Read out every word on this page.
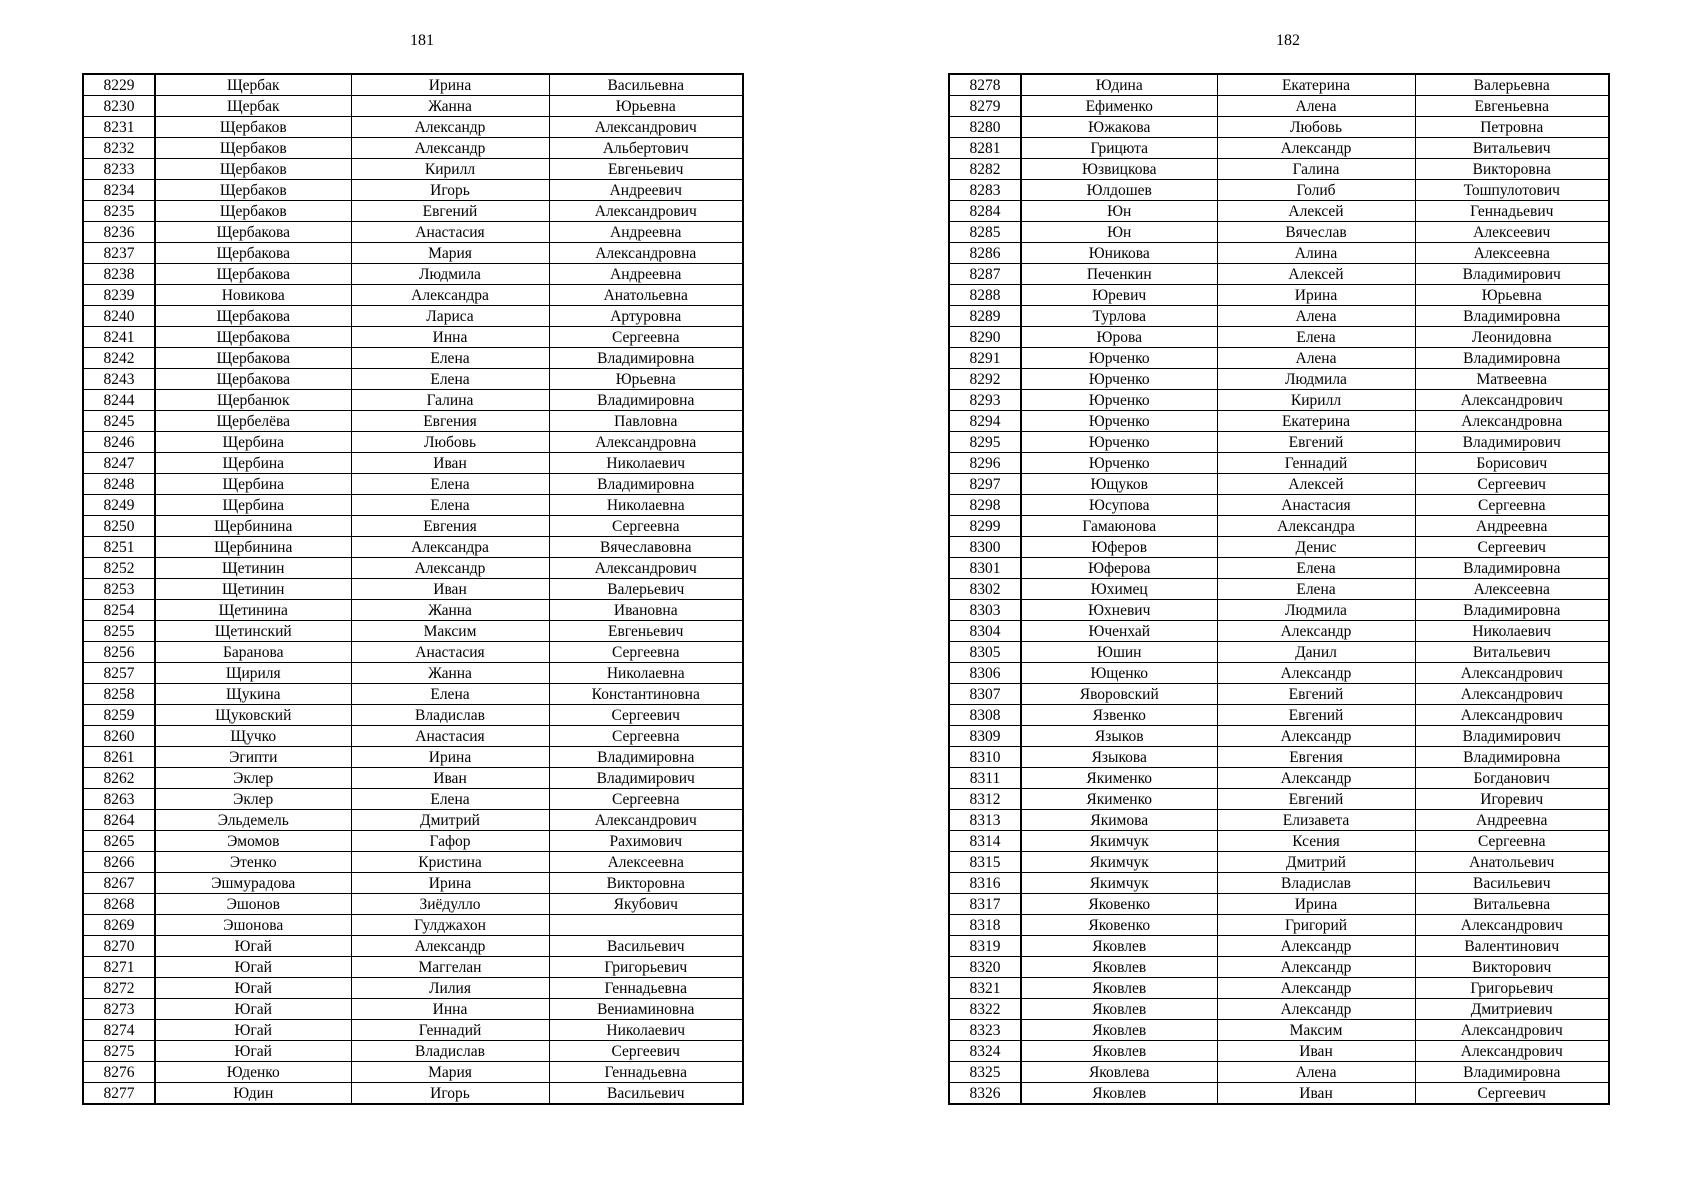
181
8229	Щербак	Ирина	Васильевна
8230	Щербак	Жанна	Юрьевна
8231	Щербаков	Александр	Александрович
8232	Щербаков	Александр	Альбертович
8233	Щербаков	Кирилл	Евгеньевич
8234	Щербаков	Игорь	Андреевич
8235	Щербаков	Евгений	Александрович
8236	Щербакова	Анастасия	Андреевна
8237	Щербакова	Мария	Александровна
8238	Щербакова	Людмила	Андреевна
8239	Новикова	Александра	Анатольевна
8240	Щербакова	Лариса	Артуровна
8241	Щербакова	Инна	Сергеевна
8242	Щербакова	Елена	Владимировна
8243	Щербакова	Елена	Юрьевна
8244	Щербанюк	Галина	Владимировна
8245	Щербелёва	Евгения	Павловна
8246	Щербина	Любовь	Александровна
8247	Щербина	Иван	Николаевич
8248	Щербина	Елена	Владимировна
8249	Щербина	Елена	Николаевна
8250	Щербинина	Евгения	Сергеевна
8251	Щербинина	Александра	Вячеславовна
8252	Щетинин	Александр	Александрович
8253	Щетинин	Иван	Валерьевич
8254	Щетинина	Жанна	Ивановна
8255	Щетинский	Максим	Евгеньевич
8256	Баранова	Анастасия	Сергеевна
8257	Щириля	Жанна	Николаевна
8258	Щукина	Елена	Константиновна
8259	Щуковский	Владислав	Сергеевич
8260	Щучко	Анастасия	Сергеевна
8261	Эгипти	Ирина	Владимировна
8262	Эклер	Иван	Владимирович
8263	Эклер	Елена	Сергеевна
8264	Эльдемель	Дмитрий	Александрович
8265	Эмомов	Гафор	Рахимович
8266	Этенко	Кристина	Алексеевна
8267	Эшмурадова	Ирина	Викторовна
8268	Эшонов	Зиёдулло	Якубович
8269	Эшонова	Гулджахон	
8270	Югай	Александр	Васильевич
8271	Югай	Маггелан	Григорьевич
8272	Югай	Лилия	Геннадьевна
8273	Югай	Инна	Вениаминовна
8274	Югай	Геннадий	Николаевич
8275	Югай	Владислав	Сергеевич
8276	Юденко	Мария	Геннадьевна
8277	Юдин	Игорь	Васильевич
182
8278	Юдина	Екатерина	Валерьевна
8279	Ефименко	Алена	Евгеньевна
8280	Южакова	Любовь	Петровна
8281	Грицюта	Александр	Витальевич
8282	Юзвицкова	Галина	Викторовна
8283	Юлдошев	Голиб	Тошпулотович
8284	Юн	Алексей	Геннадьевич
8285	Юн	Вячеслав	Алексеевич
8286	Юникова	Алина	Алексеевна
8287	Печенкин	Алексей	Владимирович
8288	Юревич	Ирина	Юрьевна
8289	Турлова	Алена	Владимировна
8290	Юрова	Елена	Леонидовна
8291	Юрченко	Алена	Владимировна
8292	Юрченко	Людмила	Матвеевна
8293	Юрченко	Кирилл	Александрович
8294	Юрченко	Екатерина	Александровна
8295	Юрченко	Евгений	Владимирович
8296	Юрченко	Геннадий	Борисович
8297	Ющуков	Алексей	Сергеевич
8298	Юсупова	Анастасия	Сергеевна
8299	Гамаюнова	Александра	Андреевна
8300	Юферов	Денис	Сергеевич
8301	Юферова	Елена	Владимировна
8302	Юхимец	Елена	Алексеевна
8303	Юхневич	Людмила	Владимировна
8304	Юченхай	Александр	Николаевич
8305	Юшин	Данил	Витальевич
8306	Ющенко	Александр	Александрович
8307	Яворовский	Евгений	Александрович
8308	Язвенко	Евгений	Александрович
8309	Языков	Александр	Владимирович
8310	Языкова	Евгения	Владимировна
8311	Якименко	Александр	Богданович
8312	Якименко	Евгений	Игоревич
8313	Якимова	Елизавета	Андреевна
8314	Якимчук	Ксения	Сергеевна
8315	Якимчук	Дмитрий	Анатольевич
8316	Якимчук	Владислав	Васильевич
8317	Яковенко	Ирина	Витальевна
8318	Яковенко	Григорий	Александрович
8319	Яковлев	Александр	Валентинович
8320	Яковлев	Александр	Викторович
8321	Яковлев	Александр	Григорьевич
8322	Яковлев	Александр	Дмитриевич
8323	Яковлев	Максим	Александрович
8324	Яковлев	Иван	Александрович
8325	Яковлева	Алена	Владимировна
8326	Яковлев	Иван	Сергеевич
